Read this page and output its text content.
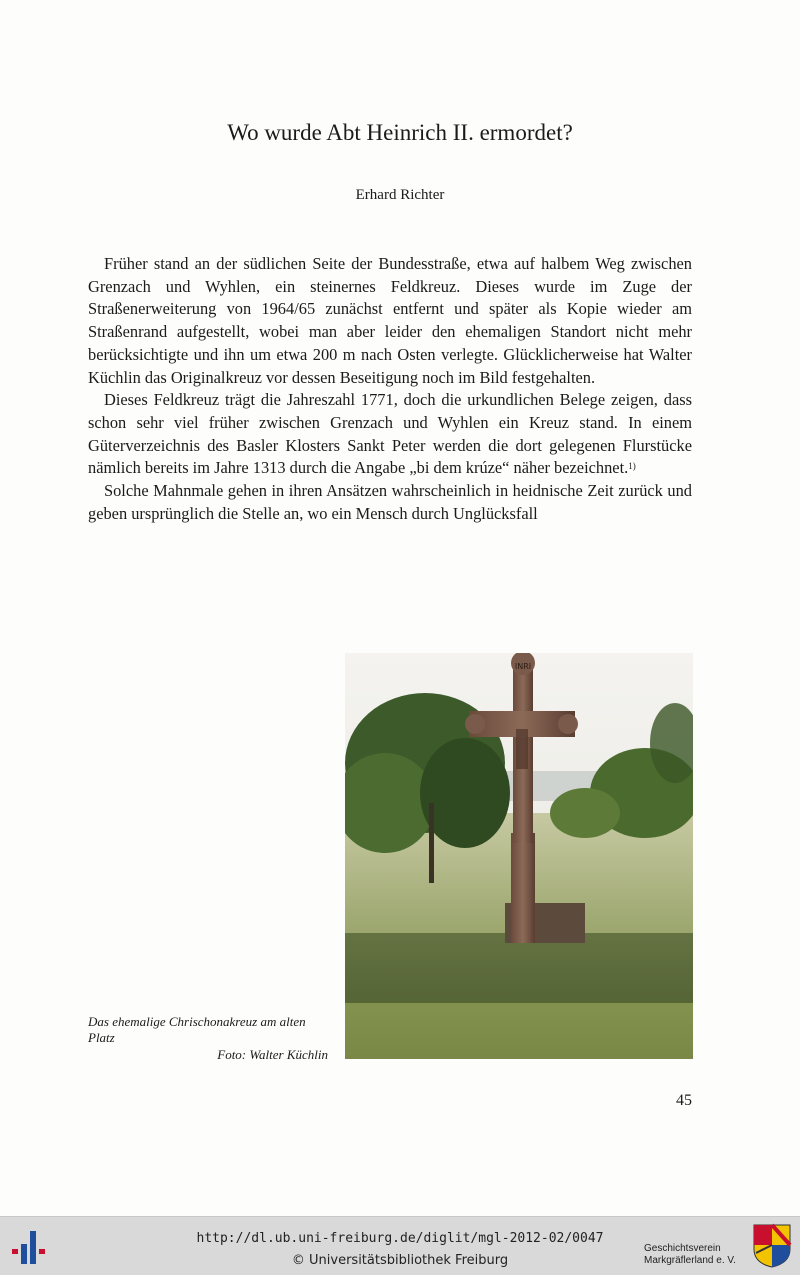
Wo wurde Abt Heinrich II. ermordet?
Erhard Richter

Früher stand an der südlichen Seite der Bundesstraße, etwa auf halbem Weg zwischen Grenzach und Wyhlen, ein steinernes Feldkreuz. Dieses wurde im Zuge der Straßenerweiterung von 1964/65 zunächst entfernt und später als Kopie wieder am Straßenrand aufgestellt, wobei man aber leider den ehemaligen Standort nicht mehr berücksichtigte und ihn um etwa 200 m nach Osten verlegte. Glücklicherweise hat Walter Küchlin das Originalkreuz vor dessen Beseitigung noch im Bild festgehalten.

Dieses Feldkreuz trägt die Jahreszahl 1771, doch die urkundlichen Belege zeigen, dass schon sehr viel früher zwischen Grenzach und Wyhlen ein Kreuz stand. In einem Güterverzeichnis des Basler Klosters Sankt Peter werden die dort gelegenen Flurstücke nämlich bereits im Jahre 1313 durch die Angabe „bi dem krúze“ näher bezeichnet.$^{1)}$

Solche Mahnmale gehen in ihren Ansätzen wahrscheinlich in heidnische Zeit zurück und geben ursprünglich die Stelle an, wo ein Mensch durch Unglücksfall

INRI
Das ehemalige Chrischonakreuz am alten Platz
Foto: Walter Küchlin
45
http://dl.ub.uni-freiburg.de/diglit/mgl-2012-02/0047
© Universitätsbibliothek Freiburg
Geschichtsverein
Markgräflerland e. V.
